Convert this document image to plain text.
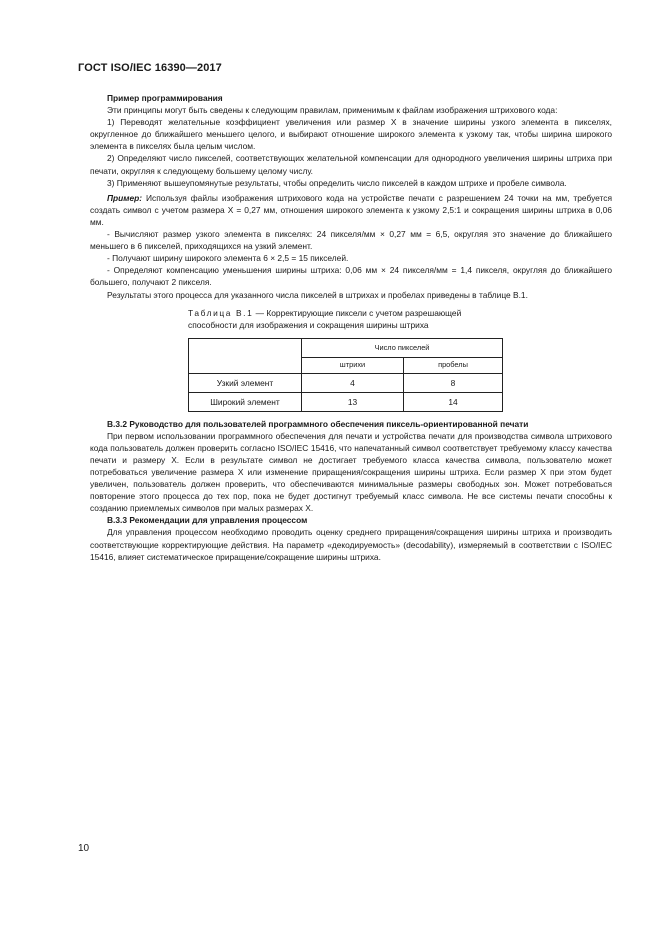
ГОСТ ISO/IEC 16390—2017

Пример программирования

Эти принципы могут быть сведены к следующим правилам, применимым к файлам изображения штрихового кода:

1) Переводят желательные коэффициент увеличения или размер X в значение ширины узкого элемента в пикселях, округленное до ближайшего меньшего целого, и выбирают отношение широкого элемента к узкому так, чтобы ширина широкого элемента в пикселях была целым числом.

2) Определяют число пикселей, соответствующих желательной компенсации для однородного увеличения ширины штриха при печати, округляя к следующему большему целому числу.

3) Применяют вышеупомянутые результаты, чтобы определить число пикселей в каждом штрихе и пробеле символа.

Пример: Используя файлы изображения штрихового кода на устройстве печати с разрешением 24 точки на мм, требуется создать символ с учетом размера X = 0,27 мм, отношения широкого элемента к узкому 2,5:1 и сокращения ширины штриха в 0,06 мм.

- Вычисляют размер узкого элемента в пикселях: 24 пикселя/мм × 0,27 мм = 6,5, округляя это значение до ближайшего меньшего в 6 пикселей, приходящихся на узкий элемент.

- Получают ширину широкого элемента 6 × 2,5 = 15 пикселей.

- Определяют компенсацию уменьшения ширины штриха: 0,06 мм × 24 пикселя/мм = 1,4 пикселя, округляя до ближайшего большего, получают 2 пикселя.

Результаты этого процесса для указанного числа пикселей в штрихах и пробелах приведены в таблице В.1.

Таблица В.1 — Корректирующие пиксели с учетом разрешающей способности для изображения и сокращения ширины штриха
	Число пикселей	
	штрихи	пробелы
Узкий элемент	4	8
Широкий элемент	13	14

В.3.2 Руководство для пользователей программного обеспечения пиксель-ориентированной печати

При первом использовании программного обеспечения для печати и устройства печати для производства символа штрихового кода пользователь должен проверить согласно ISO/IEC 15416, что напечатанный символ соответствует требуемому классу качества печати и размеру X. Если в результате символ не достигает требуемого класса качества символа, пользователю может потребоваться увеличение размера X или изменение приращения/сокращения ширины штриха. Если размер X при этом будет увеличен, пользователь должен проверить, что обеспечиваются минимальные размеры свободных зон. Может потребоваться повторение этого процесса до тех пор, пока не будет достигнут требуемый класс символа. Не все системы печати способны к созданию приемлемых символов при малых размерах X.

В.3.3 Рекомендации для управления процессом

Для управления процессом необходимо проводить оценку среднего приращения/сокращения ширины штриха и производить соответствующие корректирующие действия. На параметр «декодируемость» (decodability), измеряемый в соответствии с ISO/IEC 15416, влияет систематическое приращение/сокращение ширины штриха.

10
